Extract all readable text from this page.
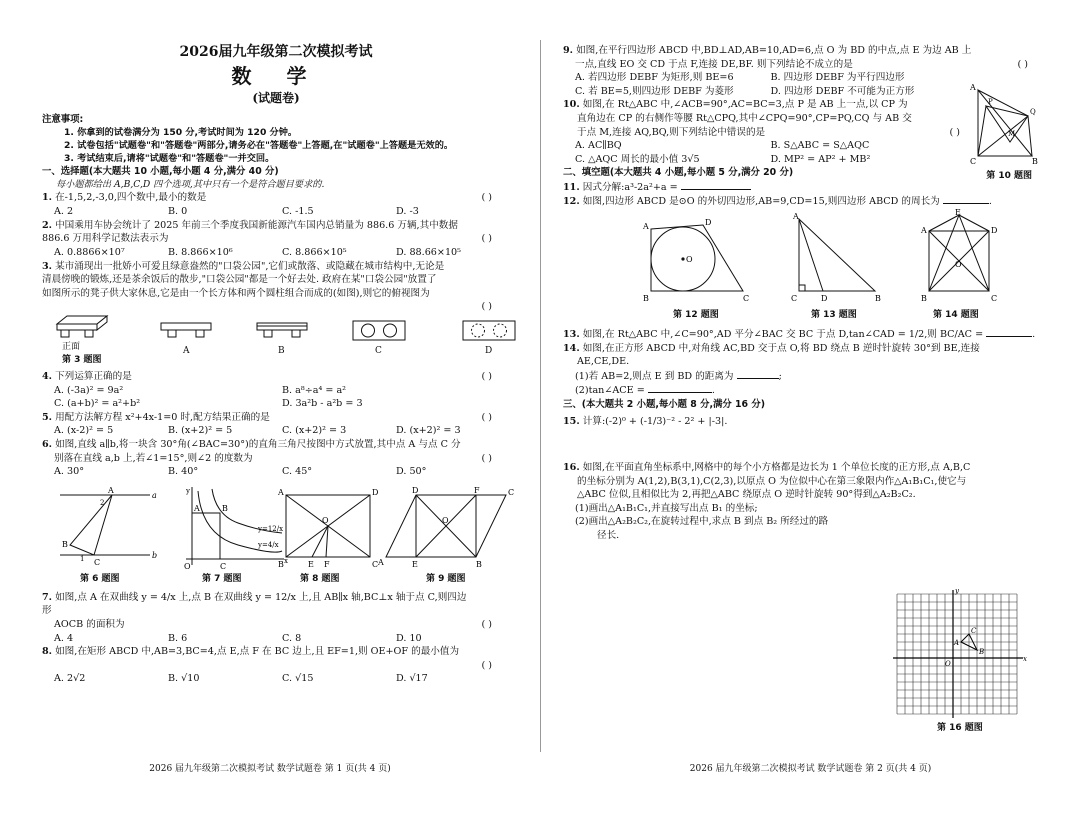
2026届九年级第二次模拟考试
数 学
(试题卷)
注意事项:
1. 你拿到的试卷满分为 150 分,考试时间为 120 分钟。
2. 试卷包括"试题卷"和"答题卷"两部分,请务必在"答题卷"上答题,在"试题卷"上答题是无效的。
3. 考试结束后,请将"试题卷"和"答题卷"一并交回。
一、选择题(本大题共 10 小题,每小题 4 分,满分 40 分)
每小题都给出 A,B,C,D 四个选项,其中只有一个是符合题目要求的.
1. 在-1,5,2,-3,0,四个数中,最小的数是	( )
A. 2	B. 0	C. -1.5	D. -3
2. 中国乘用车协会统计了 2025 年前三个季度我国新能源汽车国内总销量为 886.6 万辆,其中数据
886.6 万用科学记数法表示为	( )
A. 0.8866×10⁷	B. 8.866×10⁶	C. 8.866×10⁵	D. 88.66×10⁵
3. 某市涌现出一批娇小可爱且绿意盎然的"口袋公园",它们或散落、或隐藏在城市结构中,无论是
清晨傍晚的锻炼,还是茶余饭后的散步,"口袋公园"都是一个好去处. 政府在某"口袋公园"放置了
如图所示的凳子供大家休息,它是由一个长方体和两个圆柱组合而成的(如图),则它的俯视图为

( )
正面
第 3 题图
A	B	C	D
4. 下列运算正确的是	( )
A. (-3a)² = 9a²	B. a⁸÷a⁴ = a²
C. (a+b)² = a²+b²	D. 3a²b - a²b = 3
5. 用配方法解方程 x²+4x-1=0 时,配方结果正确的是	( )
A. (x-2)² = 5	B. (x+2)² = 5	C. (x+2)² = 3	D. (x+2)² = 3
6. 如图,直线 a∥b,将一块含 30°角(∠BAC=30°)的直角三角尺按图中方式放置,其中点 A 与点 C 分
别落在直线 a,b 上,若∠1=15°,则∠2 的度数为	( )
A. 30°	B. 40°	C. 45°	D. 50°
A
a
b
B
C
2
1
第 6 题图
A	B
O	C
y
x
y=12/x
y=4/x
第 7 题图
A	D
O
B	E F	C
第 8 题图
D	F	C
O
A	E	B
第 9 题图
7. 如图,点 A 在双曲线 y = 4/x 上,点 B 在双曲线 y = 12/x 上,且 AB∥x 轴,BC⊥x 轴于点 C,则四边形
AOCB 的面积为	( )
A. 4	B. 6	C. 8	D. 10
8. 如图,在矩形 ABCD 中,AB=3,BC=4,点 E,点 F 在 BC 边上,且 EF=1,则 OE+OF 的最小值为

( )
A. 2√2	B. √10	C. √15	D. √17
2026 届九年级第二次模拟考试 数学试题卷 第 1 页(共 4 页)
9. 如图,在平行四边形 ABCD 中,BD⊥AD,AB=10,AD=6,点 O 为 BD 的中点,点 E 为边 AB 上
一点,直线 EO 交 CD 于点 F,连接 DE,BF. 则下列结论不成立的是	( )
A. 若四边形 DEBF 为矩形,则 BE=6	B. 四边形 DEBF 为平行四边形
C. 若 BE=5,则四边形 DEBF 为菱形	D. 四边形 DEBF 不可能为正方形
10. 如图,在 Rt△ABC 中,∠ACB=90°,AC=BC=3,点 P 是 AB 上一点,以 CP 为
直角边在 CP 的右侧作等腰 Rt△CPQ,其中∠CPQ=90°,CP=PQ,CQ 与 AB 交
于点 M,连接 AQ,BQ,则下列结论中错误的是	( )
A. AC∥BQ	B. S△ABC = S△AQC
C. △AQC 周长的最小值 3√5	D. MP² = AP² + MB²
A
P
Q
M
C	B
第 10 题图
二、填空题(本大题共 4 小题,每小题 5 分,满分 20 分)
11. 因式分解:a³-2a²+a =
12. 如图,四边形 ABCD 是⊙O 的外切四边形,AB=9,CD=15,则四边形 ABCD 的周长为	.
A	D
O
B	C
第 12 题图
A
C	D	B
第 13 题图
E
A	D
O
B	C
第 14 题图
13. 如图,在 Rt△ABC 中,∠C=90°,AD 平分∠BAC 交 BC 于点 D,tan∠CAD = 1/2,则 BC/AC =	.
14. 如图,在正方形 ABCD 中,对角线 AC,BD 交于点 O,将 BD 绕点 B 逆时针旋转 30°到 BE,连接
AE,CE,DE.
(1)若 AB=2,则点 E 到 BD 的距离为	;
(2)tan∠ACE =	.
三、(本大题共 2 小题,每小题 8 分,满分 16 分)
15. 计算:(-2)⁰ + (-1/3)⁻² - 2² + |-3|.
16. 如图,在平面直角坐标系中,网格中的每个小方格都是边长为 1 个单位长度的正方形,点 A,B,C
的坐标分别为 A(1,2),B(3,1),C(2,3),以原点 O 为位似中心在第三象限内作△A₁B₁C₁,使它与
△ABC 位似,且相似比为 2,再把△ABC 绕原点 O 逆时针旋转 90°得到△A₂B₂C₂.
(1)画出△A₁B₁C₁,并直接写出点 B₁ 的坐标;
(2)画出△A₂B₂C₂,在旋转过程中,求点 B 到点 B₂ 所经过的路
径长.
A
B
C
O
x
y
第 16 题图
2026 届九年级第二次模拟考试 数学试题卷 第 2 页(共 4 页)
